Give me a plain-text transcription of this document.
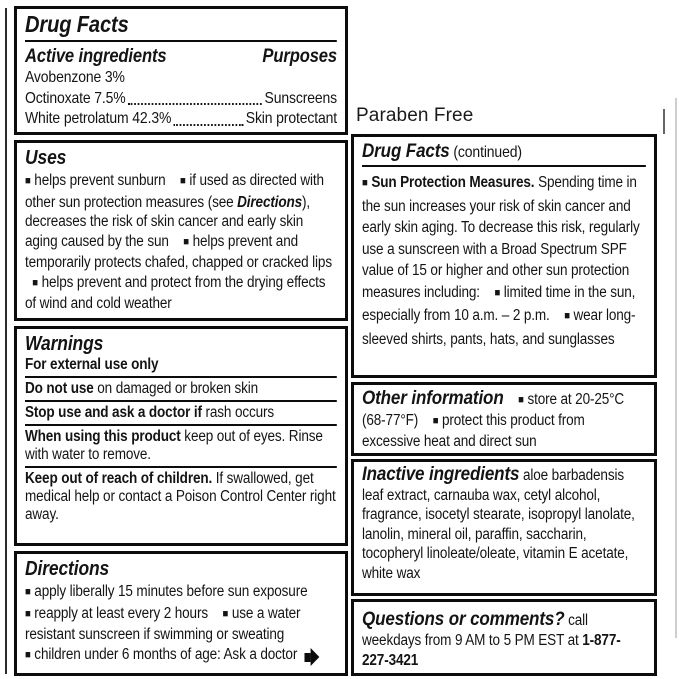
Drug Facts
Active ingredients	Purposes
Avobenzone 3%
Octinoxate 7.5%	Sunscreens
White petrolatum 42.3%	Skin protectant Paraben Free
Uses
■ helps prevent sunburn ■ if used as directed with other sun protection measures (see Directions), decreases the risk of skin cancer and early skin aging caused by the sun ■ helps prevent and temporarily protects chafed, chapped or cracked lips    ■ helps prevent and protect from the drying effects of wind and cold weather
Warnings
For external use only
Do not use on damaged or broken skin
Stop use and ask a doctor if rash occurs
When using this product keep out of eyes. Rinse with water to remove.
Keep out of reach of children. If swallowed, get medical help or contact a Poison Control Center right away.
Directions
■ apply liberally 15 minutes before sun exposure
■ reapply at least every 2 hours ■ use a water resistant sunscreen if swimming or sweating
■ children under 6 months of age: Ask a doctor
Drug Facts (continued)
■ Sun Protection Measures. Spending time in the sun increases your risk of skin cancer and early skin aging. To decrease this risk, regularly use a sunscreen with a Broad Spectrum SPF value of 15 or higher and other sun protection measures including: ■ limited time in the sun, especially from 10 a.m. – 2 p.m. ■ wear long-sleeved shirts, pants, hats, and sunglasses
Other information ■ store at 20-25°C (68-77°F) ■ protect this product from excessive heat and direct sun
Inactive ingredients aloe barbadensis leaf extract, carnauba wax, cetyl alcohol, fragrance, isocetyl stearate, isopropyl lanolate, lanolin, mineral oil, paraffin, saccharin, tocopheryl linoleate/oleate, vitamin E acetate, white wax
Questions or comments? call weekdays from 9 AM to 5 PM EST at 1-877-227-3421
